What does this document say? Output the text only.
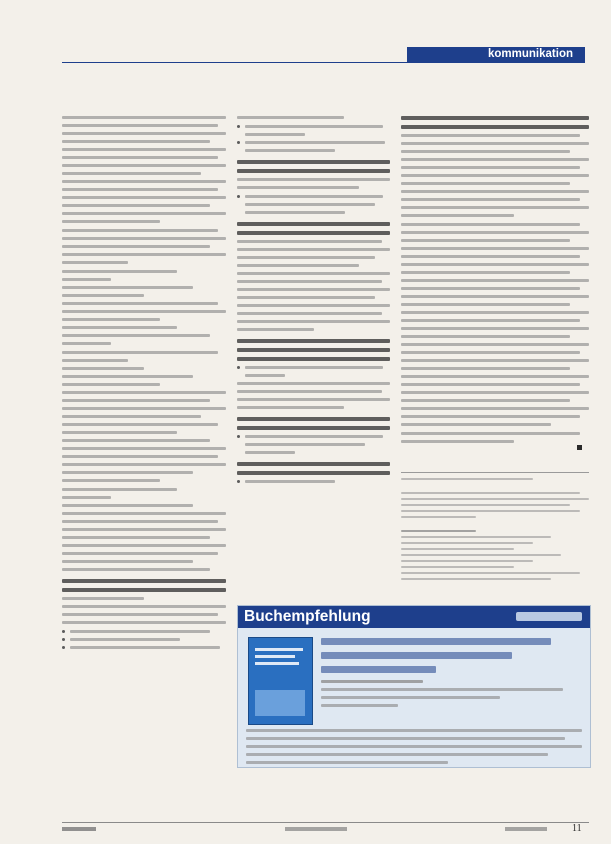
kommunikation
Buchempfehlung
11
